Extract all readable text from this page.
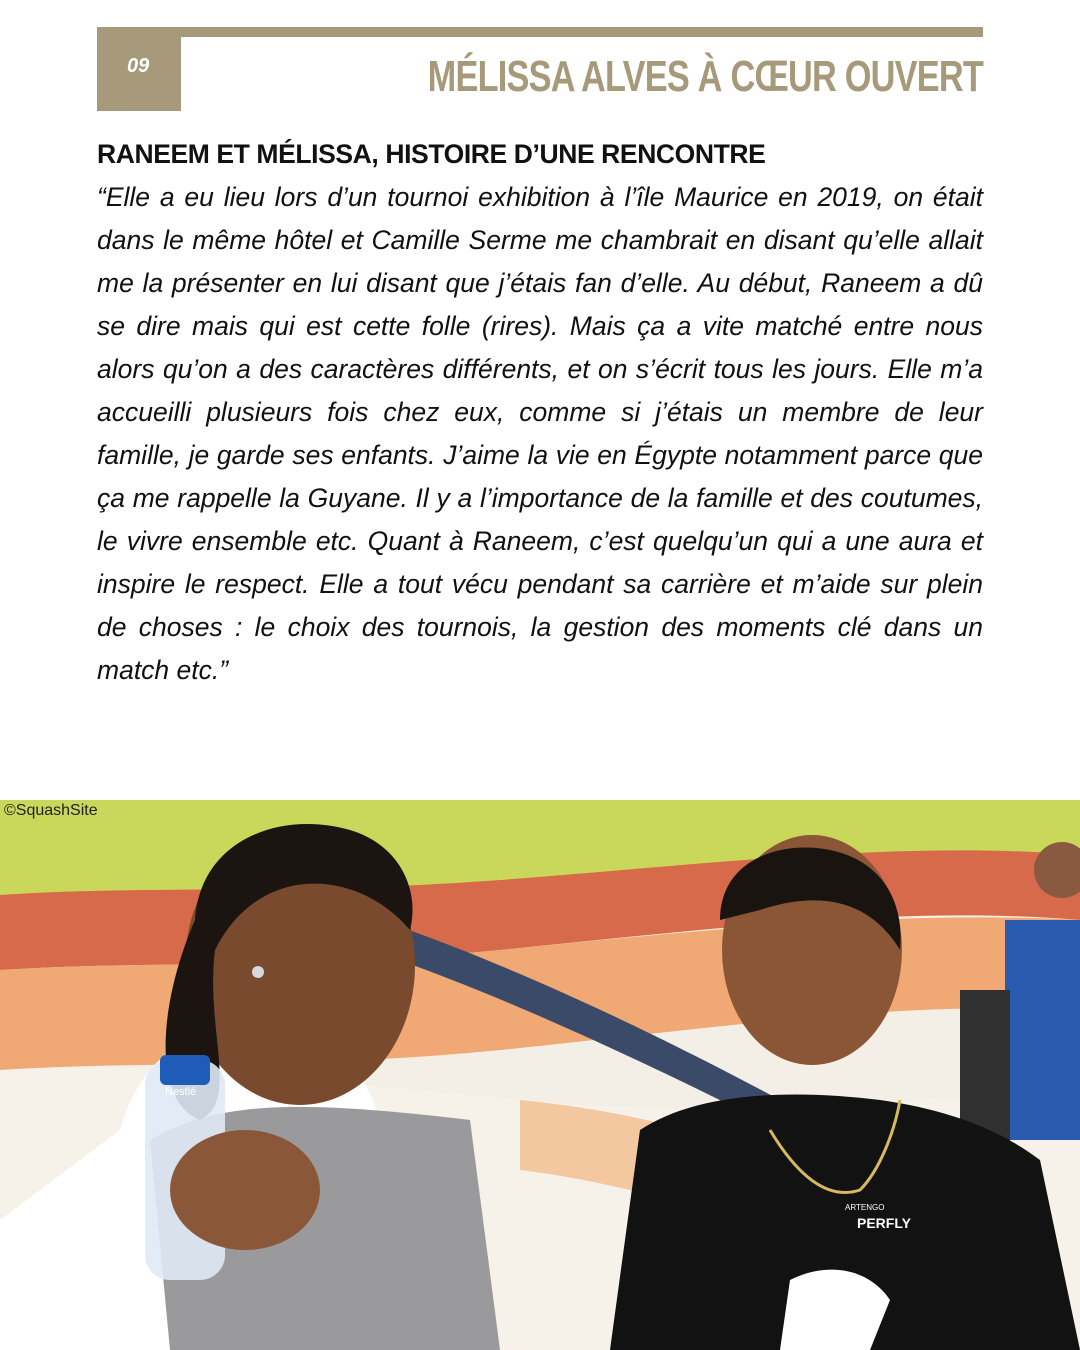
09	MÉLISSA ALVES À CŒUR OUVERT
RANEEM ET MÉLISSA, HISTOIRE D’UNE RENCONTRE

“Elle a eu lieu lors d’un tournoi exhibition à l’île Maurice en 2019, on était dans le même hôtel et Camille Serme me chambrait en disant qu’elle allait me la présenter en lui disant que j’étais fan d’elle. Au début, Raneem a dû se dire mais qui est cette folle (rires). Mais ça a vite matché entre nous alors qu’on a des caractères différents, et on s’écrit tous les jours. Elle m’a accueilli plusieurs fois chez eux, comme si j’étais un membre de leur famille, je garde ses enfants. J’aime la vie en Égypte notamment parce que ça me rappelle la Guyane. Il y a l’importance de la famille et des coutumes, le vivre ensemble etc. Quant à Raneem, c’est quelqu’un qui a une aura et inspire le respect. Elle a tout vécu pendant sa carrière et m’aide sur plein de choses : le choix des tournois, la gestion des moments clé dans un match etc.”

PERFLY
ARTENGO
Nestlé
©SquashSite
